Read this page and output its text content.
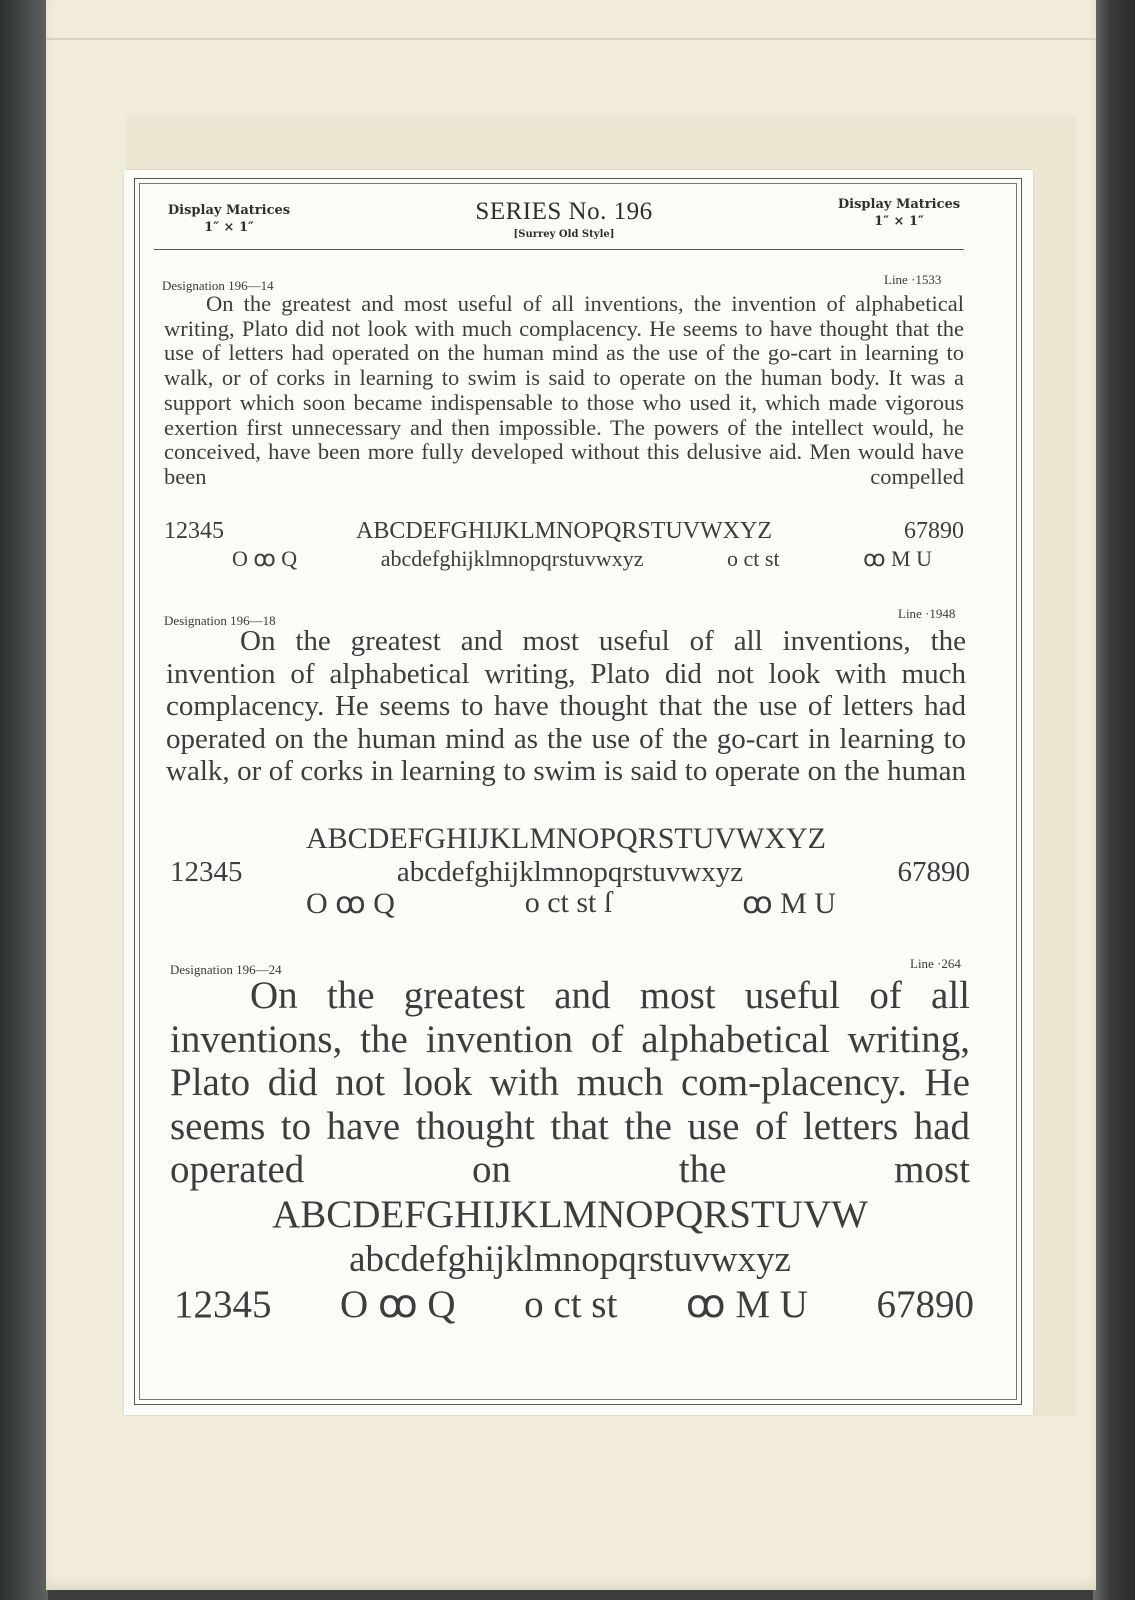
Display Matrices
1″ × 1″
SERIES No. 196
[Surrey Old Style]
Display Matrices
1″ × 1″
Designation 196—14	Line ·1533

On the greatest and most useful of all inventions, the invention of alphabetical writing, Plato did not look with much complacency. He seems to have thought that the use of letters had operated on the human mind as the use of the go-cart in learning to walk, or of corks in learning to swim is said to operate on the human body. It was a support which soon became indispensable to those who used it, which made vigorous exertion first unnecessary and then impossible. The powers of the intellect would, he conceived, have been more fully developed without this delusive aid. Men would have been compelled

12345	ABCDEFGHIJKLMNOPQRSTUVWXYZ	67890
O ꝏ Q	abcdefghijklmnopqrstuvwxyz	o ct st	ꝏ M U
Designation 196—18	Line ·1948

On the greatest and most useful of all inventions, the invention of alphabetical writing, Plato did not look with much complacency. He seems to have thought that the use of letters had operated on the human mind as the use of the go-cart in learning to walk, or of corks in learning to swim is said to operate on the human

ABCDEFGHIJKLMNOPQRSTUVWXYZ
12345	abcdefghijklmnopqrstuvwxyz	67890
O ꝏ Q	o ct st ſ	ꝏ M U
Designation 196—24	Line ·264

On the greatest and most useful of all inventions, the invention of alphabetical writing, Plato did not look with much com-placency. He seems to have thought that the use of letters had operated on the most

ABCDEFGHIJKLMNOPQRSTUVW
abcdefghijklmnopqrstuvwxyz
12345 O ꝏ Q o ct st ꝏ M U 67890
